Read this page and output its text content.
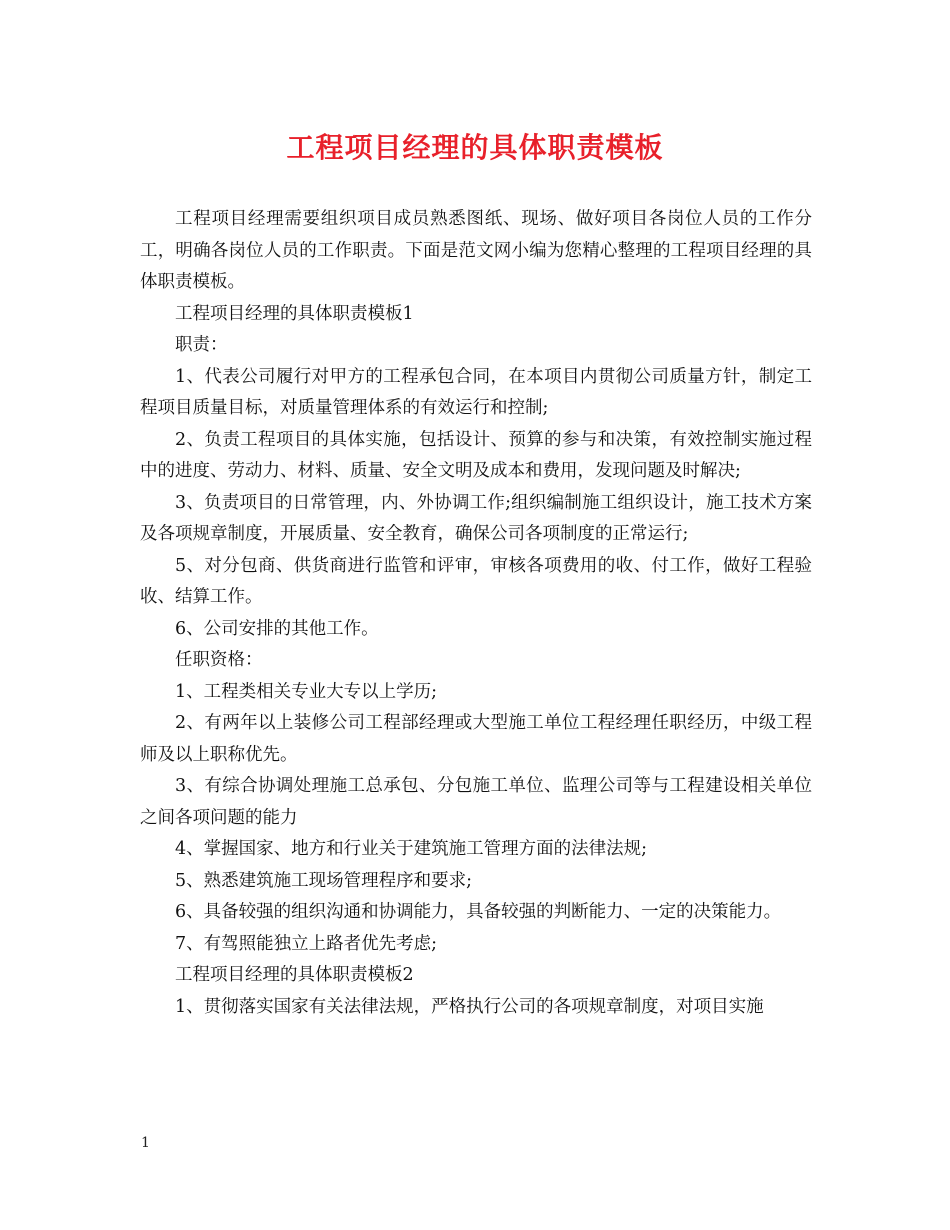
工程项目经理的具体职责模板

工程项目经理需要组织项目成员熟悉图纸、现场、做好项目各岗位人员的工作分工，明确各岗位人员的工作职责。下面是范文网小编为您精心整理的工程项目经理的具体职责模板。

工程项目经理的具体职责模板1

职责：

1、代表公司履行对甲方的工程承包合同，在本项目内贯彻公司质量方针，制定工程项目质量目标，对质量管理体系的有效运行和控制;

2、负责工程项目的具体实施，包括设计、预算的参与和决策，有效控制实施过程中的进度、劳动力、材料、质量、安全文明及成本和费用，发现问题及时解决;

3、负责项目的日常管理，内、外协调工作;组织编制施工组织设计，施工技术方案及各项规章制度，开展质量、安全教育，确保公司各项制度的正常运行;

5、对分包商、供货商进行监管和评审，审核各项费用的收、付工作，做好工程验收、结算工作。

6、公司安排的其他工作。

任职资格：

1、工程类相关专业大专以上学历;

2、有两年以上装修公司工程部经理或大型施工单位工程经理任职经历，中级工程师及以上职称优先。

3、有综合协调处理施工总承包、分包施工单位、监理公司等与工程建设相关单位之间各项问题的能力

4、掌握国家、地方和行业关于建筑施工管理方面的法律法规;

5、熟悉建筑施工现场管理程序和要求;

6、具备较强的组织沟通和协调能力，具备较强的判断能力、一定的决策能力。

7、有驾照能独立上路者优先考虑;

工程项目经理的具体职责模板2

1、贯彻落实国家有关法律法规，严格执行公司的各项规章制度，对项目实施

1
